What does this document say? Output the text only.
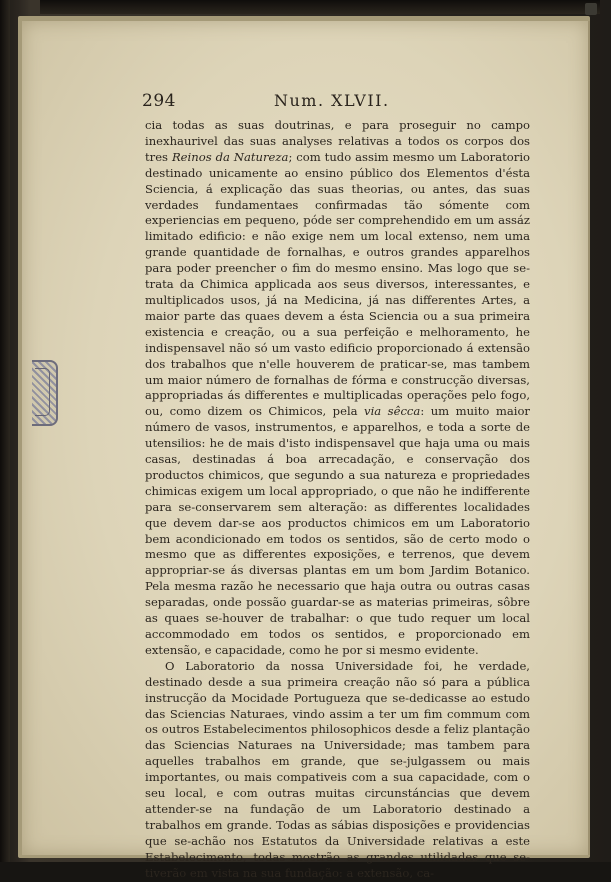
294	Num. XLVII.

cia todas as suas doutrinas, e para proseguir no campo inexhaurivel das suas analyses relativas a todos os corpos dos tres Reinos da Natureza; com tudo assim mesmo um Laboratorio destinado unicamente ao ensino público dos Elementos d'ésta Sciencia, á explicação das suas theorias, ou antes, das suas verdades fundamentaes confirmadas tão sómente com experiencias em pequeno, póde ser comprehendido em um assáz limitado edificio: e não exige nem um local extenso, nem uma grande quantidade de fornalhas, e outros grandes apparelhos para poder preencher o fim do mesmo ensino. Mas logo que se-trata da Chimica applicada aos seus diversos, interessantes, e multiplicados usos, já na Medicina, já nas differentes Artes, a maior parte das quaes devem a ésta Sciencia ou a sua primeira existencia e creação, ou a sua perfeição e melhoramento, he indispensavel não só um vasto edificio proporcionado á extensão dos trabalhos que n'elle houverem de praticar-se, mas tambem um maior número de fornalhas de fórma e construcção diversas, appropriadas ás differentes e multiplicadas operações pelo fogo, ou, como dizem os Chimicos, pela via sêcca: um muito maior número de vasos, instrumentos, e apparelhos, e toda a sorte de utensilios: he de mais d'isto indispensavel que haja uma ou mais casas, destinadas á boa arrecadação, e conservação dos productos chimicos, que segundo a sua natureza e propriedades chimicas exigem um local appropriado, o que não he indifferente para se-conservarem sem alteração: as differentes localidades que devem dar-se aos productos chimicos em um Laboratorio bem acondicionado em todos os sentidos, são de certo modo o mesmo que as differentes exposições, e terrenos, que devem appropriar-se ás diversas plantas em um bom Jardim Botanico. Pela mesma razão he necessario que haja outra ou outras casas separadas, onde possão guardar-se as materias primeiras, sôbre as quaes se-houver de trabalhar: o que tudo requer um local accommodado em todos os sentidos, e proporcionado em extensão, e capacidade, como he por si mesmo evidente.

O Laboratorio da nossa Universidade foi, he verdade, destinado desde a sua primeira creação não só para a pública instrucção da Mocidade Portugueza que se-dedicasse ao estudo das Sciencias Naturaes, vindo assim a ter um fim commum com os outros Estabelecimentos philosophicos desde a feliz plantação das Sciencias Naturaes na Universidade; mas tambem para aquelles trabalhos em grande, que se-julgassem ou mais importantes, ou mais compativeis com a sua capacidade, com o seu local, e com outras muitas circunstáncias que devem attender-se na fundação de um Laboratorio destinado a trabalhos em grande. Todas as sábias disposições e providencias que se-achão nos Estatutos da Universidade relativas a este Estabelecimento, todas mostrão as grandes utilidades que se-tiverão em vista na sua fundação: a extensão, ca-
